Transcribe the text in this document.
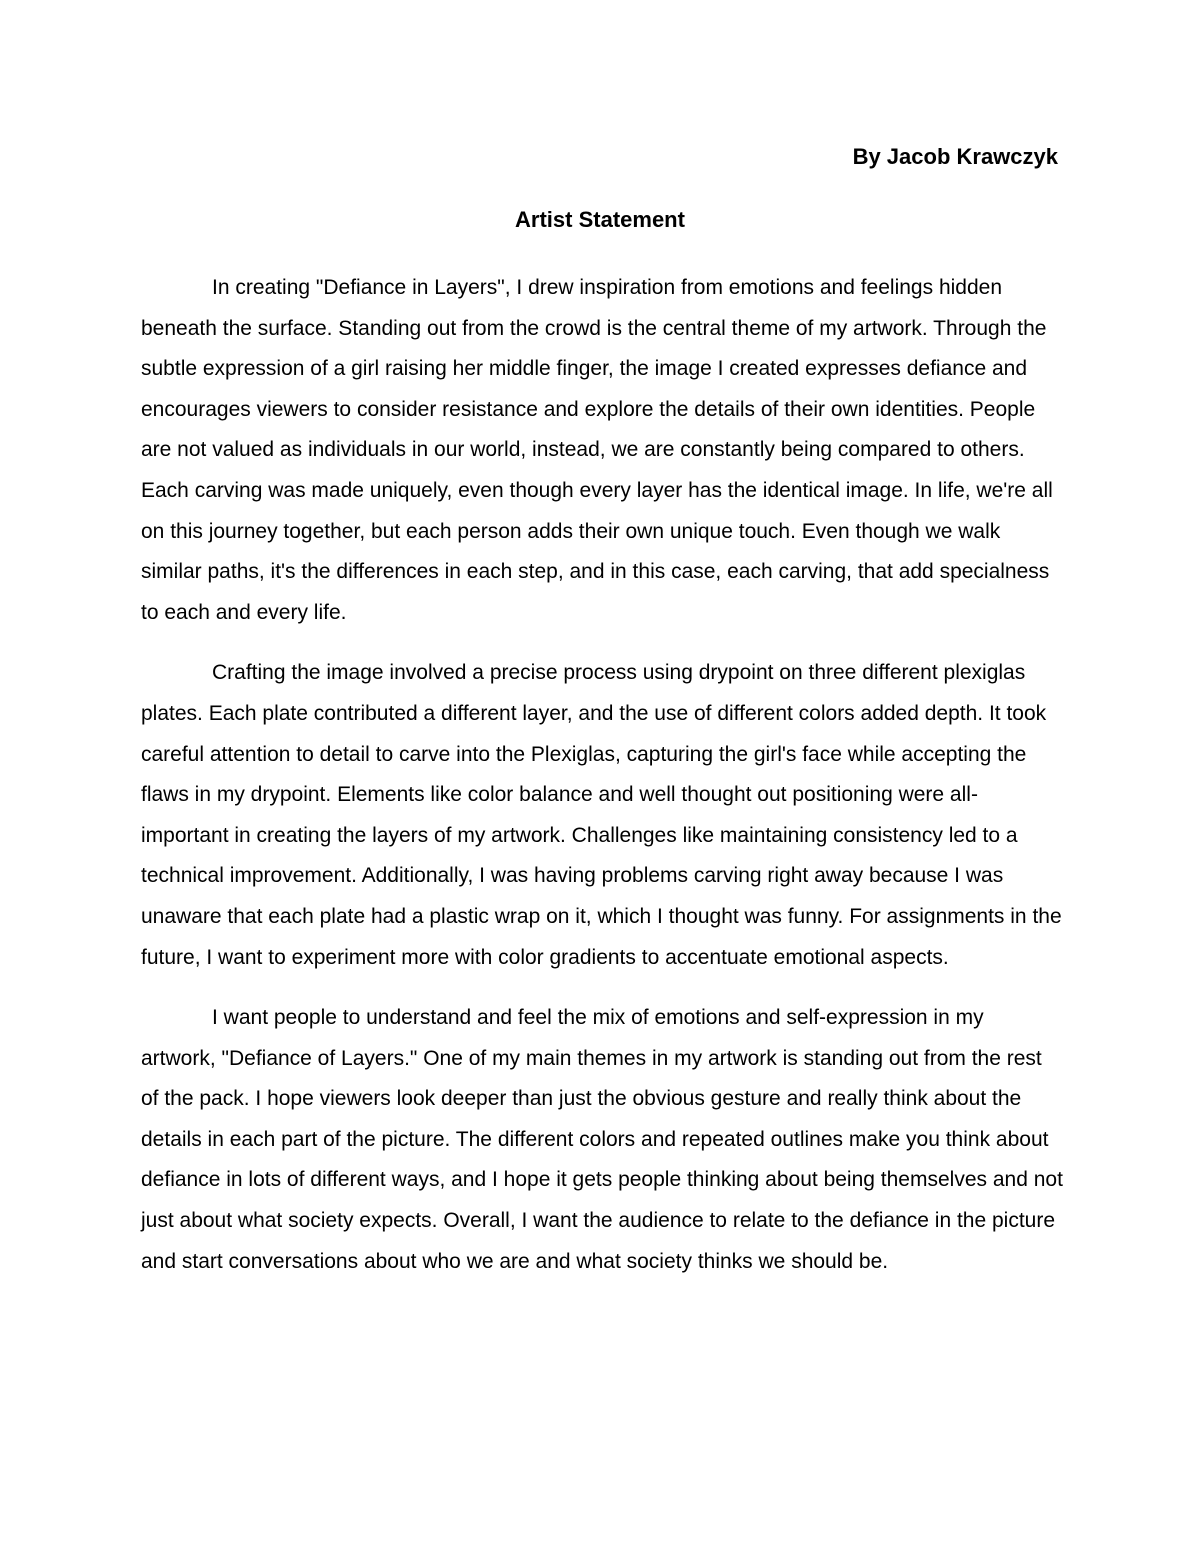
By Jacob Krawczyk
Artist Statement

In creating "Defiance in Layers", I drew inspiration from emotions and feelings hidden beneath the surface. Standing out from the crowd is the central theme of my artwork. Through the subtle expression of a girl raising her middle finger, the image I created expresses defiance and encourages viewers to consider resistance and explore the details of their own identities. People are not valued as individuals in our world, instead, we are constantly being compared to others. Each carving was made uniquely, even though every layer has the identical image. In life, we're all on this journey together, but each person adds their own unique touch. Even though we walk similar paths, it's the differences in each step, and in this case, each carving, that add specialness to each and every life.

Crafting the image involved a precise process using drypoint on three different plexiglas plates. Each plate contributed a different layer, and the use of different colors added depth. It took careful attention to detail to carve into the Plexiglas, capturing the girl's face while accepting the flaws in my drypoint. Elements like color balance and well thought out positioning were all-important in creating the layers of my artwork. Challenges like maintaining consistency led to a technical improvement. Additionally, I was having problems carving right away because I was unaware that each plate had a plastic wrap on it, which I thought was funny. For assignments in the future, I want to experiment more with color gradients to accentuate emotional aspects.

I want people to understand and feel the mix of emotions and self-expression in my artwork, "Defiance of Layers." One of my main themes in my artwork is standing out from the rest of the pack. I hope viewers look deeper than just the obvious gesture and really think about the details in each part of the picture. The different colors and repeated outlines make you think about defiance in lots of different ways, and I hope it gets people thinking about being themselves and not just about what society expects. Overall, I want the audience to relate to the defiance in the picture and start conversations about who we are and what society thinks we should be.
